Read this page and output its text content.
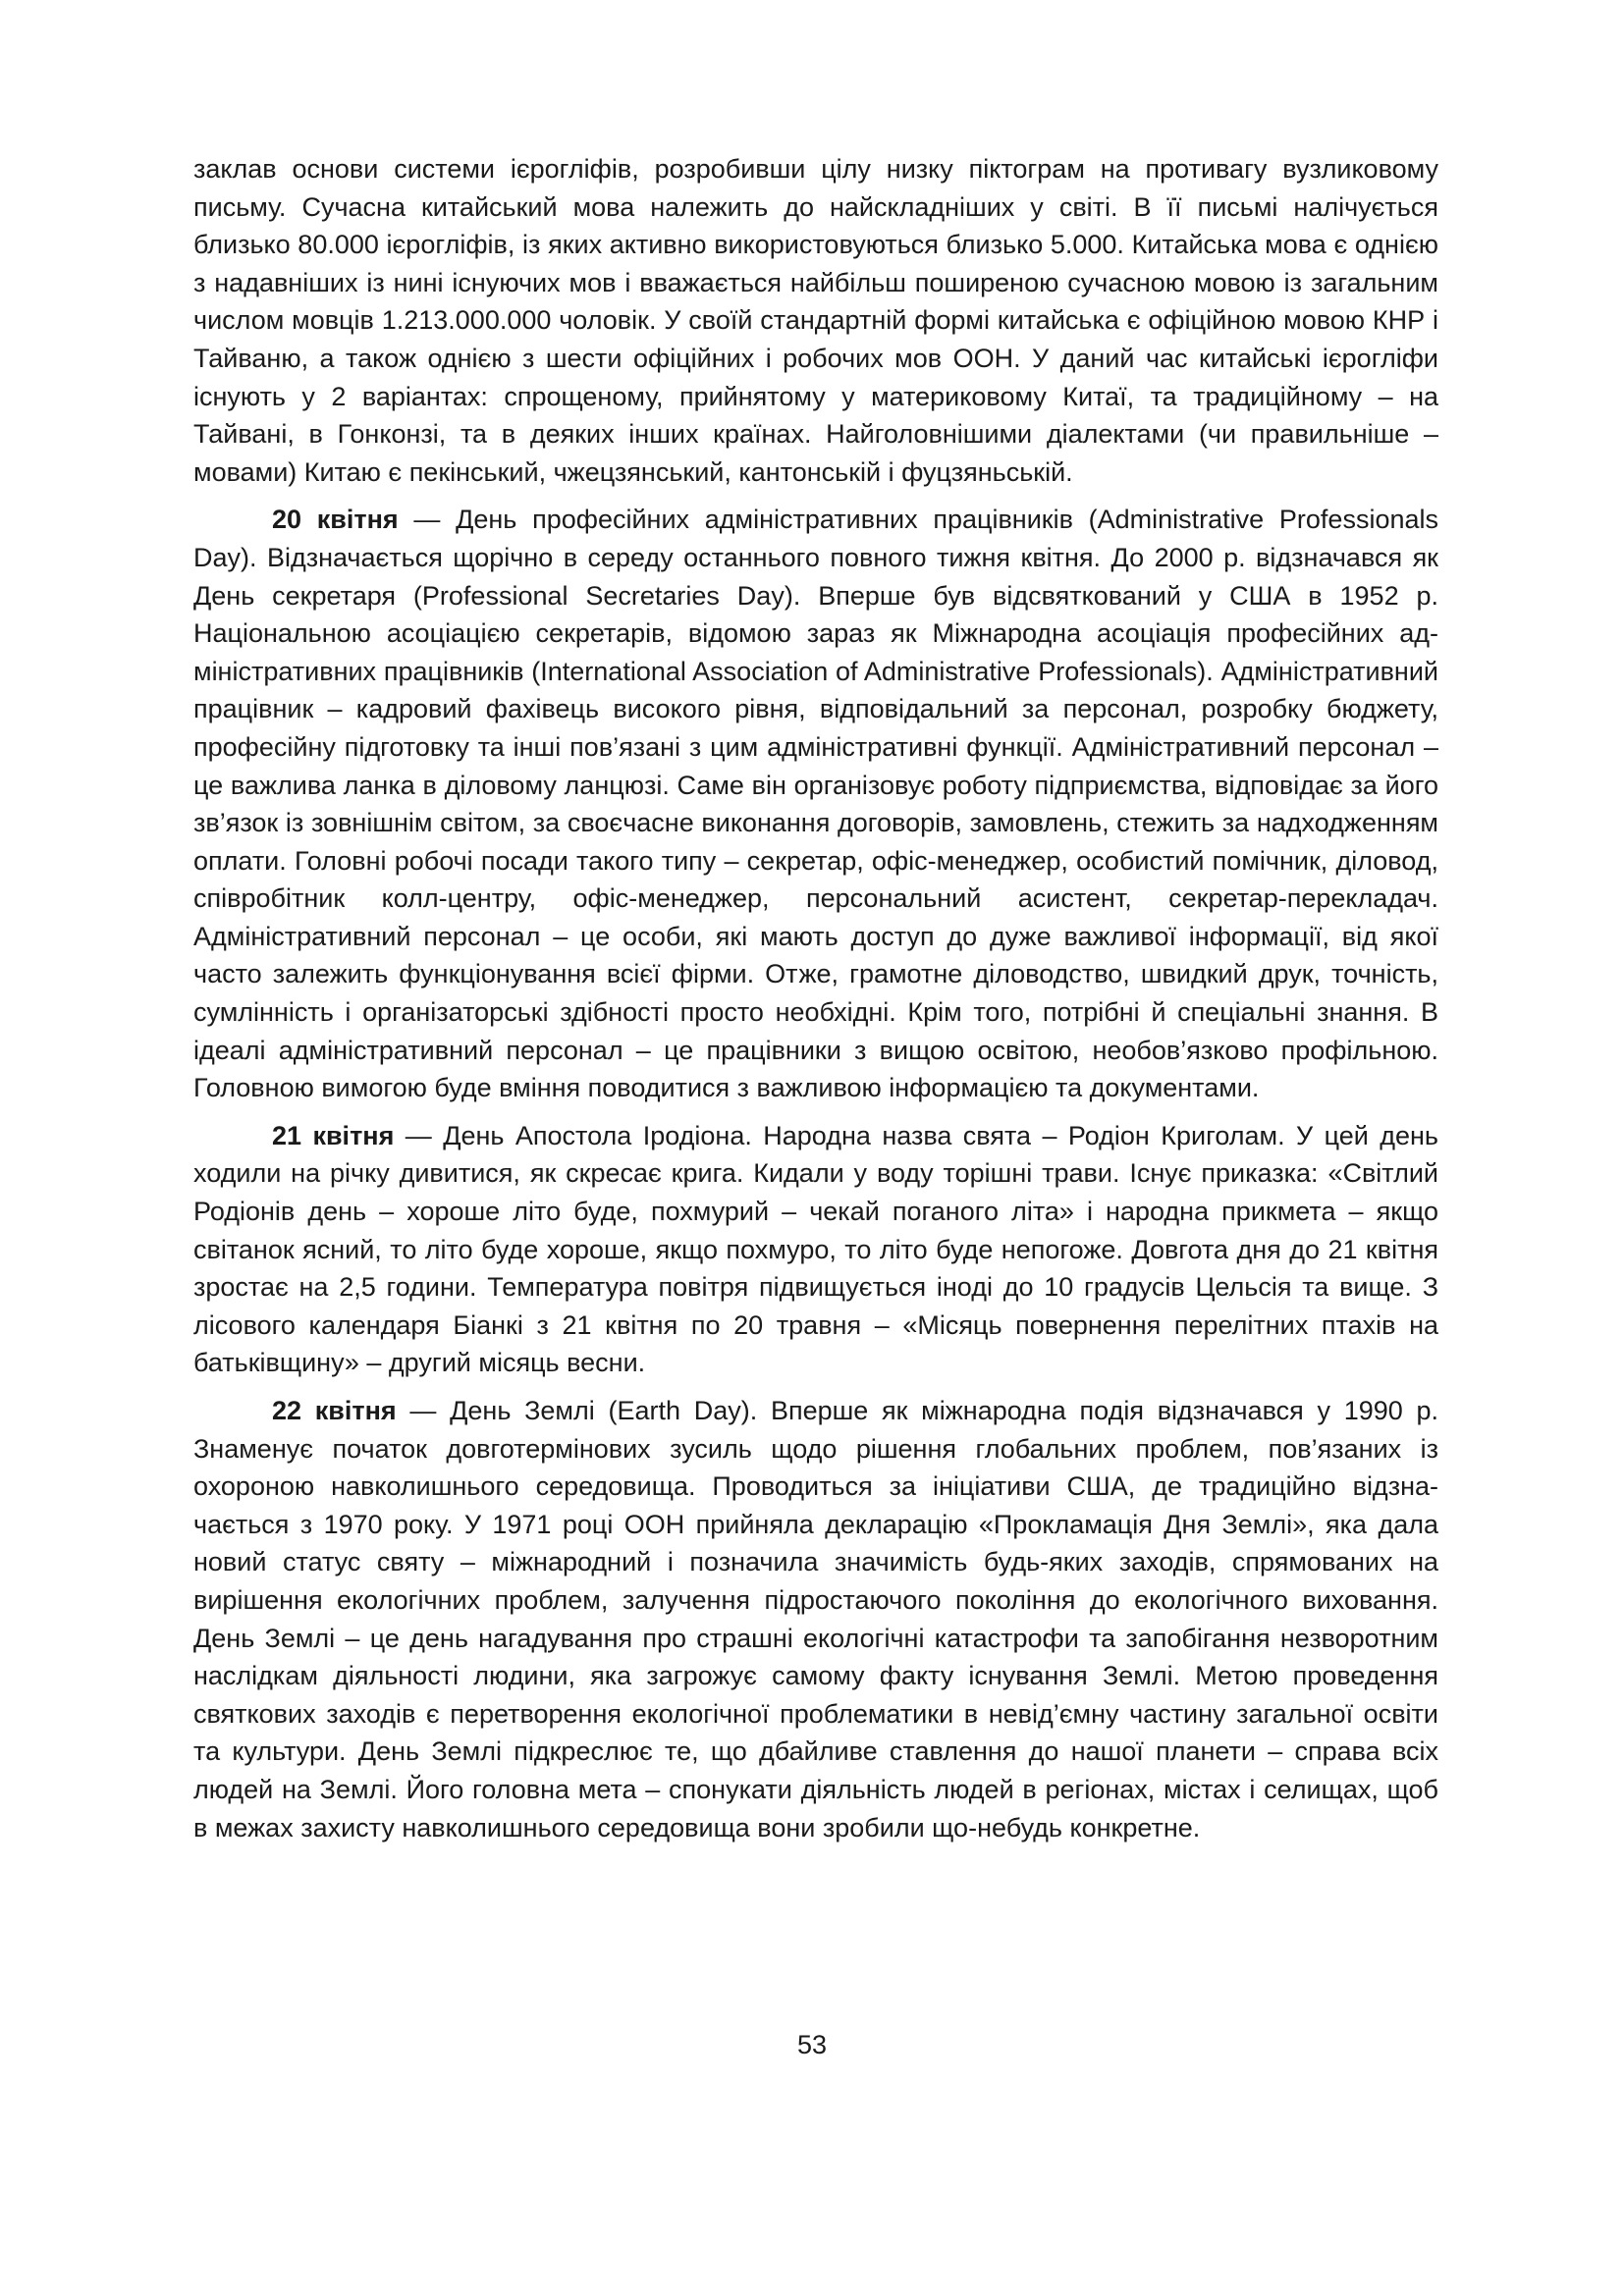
заклав основи системи ієрогліфів, розробивши цілу низку піктограм на противагу вузликовому письму. Сучасна китайський мова належить до найскладніших у світі. В її письмі налічується близько 80.000 ієрогліфів, із яких активно використовуються близько 5.000. Китайська мова є однією з надавніших із нині існуючих мов і вважається найбільш поширеною сучасною мовою із загальним числом мовців 1.213.000.000 чоловік. У своїй стандартній формі китайська є офіційною мовою КНР і Тайваню, а також однією з шести офіційних і робочих мов ООН. У даний час китайські ієрогліфи існують у 2 варіантах: спрощеному, прийнятому у материковому Китаї, та традиційному – на Тайвані, в Гонконзі, та в деяких інших країнах. Найголовнішими діалектами (чи правильніше – мовами) Китаю є пекінський, чжецзянський, кантонській і фуцзяньській.

20 квітня — День професійних адміністративних працівників (Administrative Professionals Day). Відзначається щорічно в середу останнього повного тижня квітня. До 2000 р. відзначався як День секретаря (Professional Secretaries Day). Вперше був відсвяткований у США в 1952 р. Національною асоціацією секретарів, відомою зараз як Міжнародна асоціація професійних адміністративних працівників (International Association of Administrative Professionals). Адміністративний працівник – кадровий фахівець високого рівня, відповідальний за персонал, розробку бюджету, професійну підготовку та інші пов’язані з цим адміністративні функції. Адміністративний персонал – це важлива ланка в діловому ланцюзі. Саме він організовує роботу підприємства, відповідає за його зв’язок із зовнішнім світом, за своєчасне виконання договорів, замовлень, стежить за надходженням оплати. Головні робочі посади такого типу – секретар, офіс-менеджер, особистий помічник, діловод, співробітник колл-центру, офіс-менеджер, персональний асистент, секретар-перекладач. Адміністративний персонал – це особи, які мають доступ до дуже важливої інформації, від якої часто залежить функціонування всієї фірми. Отже, грамотне діловодство, швидкий друк, точність, сумлінність і організаторські здібності просто необхідні. Крім того, потрібні й спеціальні знання. В ідеалі адміністративний персонал – це працівники з вищою освітою, необов’язково профільною. Головною вимогою буде вміння поводитися з важливою інформацією та документами.

21 квітня — День Апостола Іродіона. Народна назва свята – Родіон Криголам. У цей день ходили на річку дивитися, як скресає крига. Кидали у воду торішні трави. Існує приказка: «Світлий Родіонів день – хороше літо буде, похмурий – чекай поганого літа» і народна прикмета – якщо світанок ясний, то літо буде хороше, якщо похмуро, то літо буде непогоже. Довгота дня до 21 квітня зростає на 2,5 години. Температура повітря підвищується іноді до 10 градусів Цельсія та вище. З лісового календаря Біанкі з 21 квітня по 20 травня – «Місяць повернення перелітних птахів на батьківщину» – другий місяць весни.

22 квітня — День Землі (Earth Day). Вперше як міжнародна подія відзначався у 1990 р. Знаменує початок довготермінових зусиль щодо рішення глобальних проблем, пов’язаних із охороною навколишнього середовища. Проводиться за ініціативи США, де традиційно відзначається з 1970 року. У 1971 році ООН прийняла декларацію «Прокламація Дня Землі», яка дала новий статус святу – міжнародний і позначила значимість будь-яких заходів, спрямованих на вирішення екологічних проблем, залучення підростаючого покоління до екологічного виховання. День Землі – це день нагадування про страшні екологічні катастрофи та запобігання незворотним наслідкам діяльності людини, яка загрожує самому факту існування Землі. Метою проведення святкових заходів є перетворення екологічної проблематики в невід’ємну частину загальної освіти та культури. День Землі підкреслює те, що дбайливе ставлення до нашої планети – справа всіх людей на Землі. Його головна мета – спонукати діяльність людей в регіонах, містах і селищах, щоб в межах захисту навколишнього середовища вони зробили що-небудь конкретне.

53
